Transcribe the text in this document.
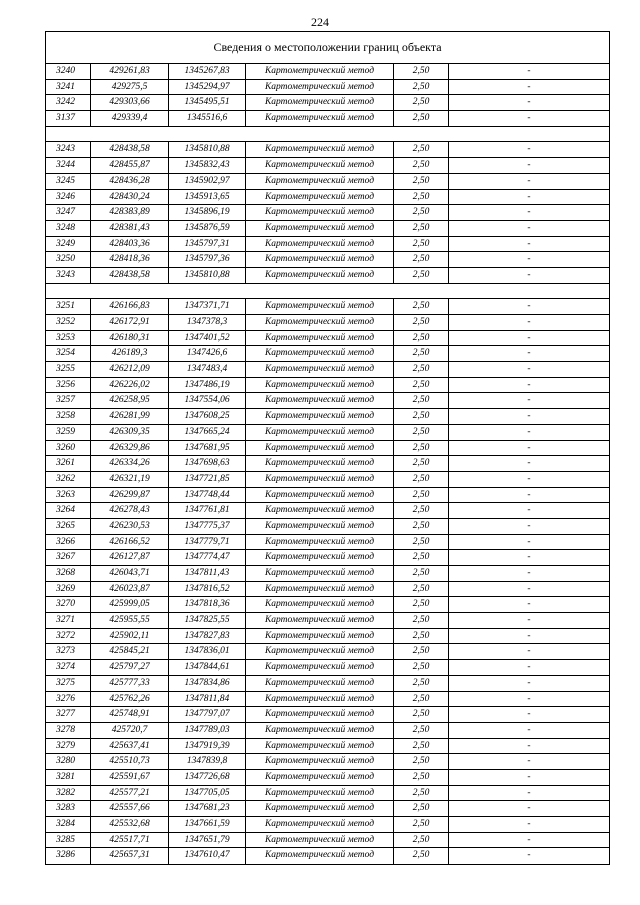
224
Сведения о местоположении границ объекта
3240	429261,83	1345267,83	Картометрический метод	2,50	-
3241	429275,5	1345294,97	Картометрический метод	2,50	-
3242	429303,66	1345495,51	Картометрический метод	2,50	-
3137	429339,4	1345516,6	Картометрический метод	2,50	-
3243	428438,58	1345810,88	Картометрический метод	2,50	-
3244	428455,87	1345832,43	Картометрический метод	2,50	-
3245	428436,28	1345902,97	Картометрический метод	2,50	-
3246	428430,24	1345913,65	Картометрический метод	2,50	-
3247	428383,89	1345896,19	Картометрический метод	2,50	-
3248	428381,43	1345876,59	Картометрический метод	2,50	-
3249	428403,36	1345797,31	Картометрический метод	2,50	-
3250	428418,36	1345797,36	Картометрический метод	2,50	-
3243	428438,58	1345810,88	Картометрический метод	2,50	-
3251	426166,83	1347371,71	Картометрический метод	2,50	-
3252	426172,91	1347378,3	Картометрический метод	2,50	-
3253	426180,31	1347401,52	Картометрический метод	2,50	-
3254	426189,3	1347426,6	Картометрический метод	2,50	-
3255	426212,09	1347483,4	Картометрический метод	2,50	-
3256	426226,02	1347486,19	Картометрический метод	2,50	-
3257	426258,95	1347554,06	Картометрический метод	2,50	-
3258	426281,99	1347608,25	Картометрический метод	2,50	-
3259	426309,35	1347665,24	Картометрический метод	2,50	-
3260	426329,86	1347681,95	Картометрический метод	2,50	-
3261	426334,26	1347698,63	Картометрический метод	2,50	-
3262	426321,19	1347721,85	Картометрический метод	2,50	-
3263	426299,87	1347748,44	Картометрический метод	2,50	-
3264	426278,43	1347761,81	Картометрический метод	2,50	-
3265	426230,53	1347775,37	Картометрический метод	2,50	-
3266	426166,52	1347779,71	Картометрический метод	2,50	-
3267	426127,87	1347774,47	Картометрический метод	2,50	-
3268	426043,71	1347811,43	Картометрический метод	2,50	-
3269	426023,87	1347816,52	Картометрический метод	2,50	-
3270	425999,05	1347818,36	Картометрический метод	2,50	-
3271	425955,55	1347825,55	Картометрический метод	2,50	-
3272	425902,11	1347827,83	Картометрический метод	2,50	-
3273	425845,21	1347836,01	Картометрический метод	2,50	-
3274	425797,27	1347844,61	Картометрический метод	2,50	-
3275	425777,33	1347834,86	Картометрический метод	2,50	-
3276	425762,26	1347811,84	Картометрический метод	2,50	-
3277	425748,91	1347797,07	Картометрический метод	2,50	-
3278	425720,7	1347789,03	Картометрический метод	2,50	-
3279	425637,41	1347919,39	Картометрический метод	2,50	-
3280	425510,73	1347839,8	Картометрический метод	2,50	-
3281	425591,67	1347726,68	Картометрический метод	2,50	-
3282	425577,21	1347705,05	Картометрический метод	2,50	-
3283	425557,66	1347681,23	Картометрический метод	2,50	-
3284	425532,68	1347661,59	Картометрический метод	2,50	-
3285	425517,71	1347651,79	Картометрический метод	2,50	-
3286	425657,31	1347610,47	Картометрический метод	2,50	-
